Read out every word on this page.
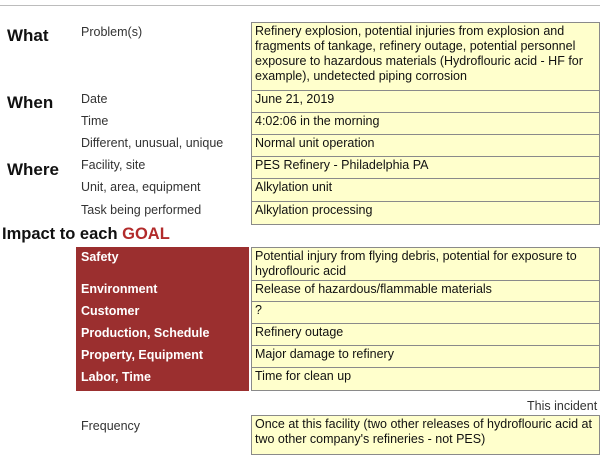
What	Problem(s)	Refinery explosion, potential injuries from explosion and fragments of tankage, refinery outage, potential personnel exposure to hazardous materials (Hydroflouric acid - HF for example), undetected piping corrosion
When Date	June 21, 2019
Time	4:02:06 in the morning
Different, unusual, unique	Normal unit operation
Where Facility, site	PES Refinery - Philadelphia PA
Unit, area, equipment	Alkylation unit
Task being performed	Alkylation processing
Impact to each GOAL
Safety	Potential injury from flying debris, potential for exposure to hydroflouric acid
Environment	Release of hazardous/flammable materials
Customer	?
Production, Schedule	Refinery outage
Property, Equipment	Major damage to refinery
Labor, Time	Time for clean up
This incident
Frequency	Once at this facility (two other releases of hydroflouric acid at two other company's refineries - not PES)
